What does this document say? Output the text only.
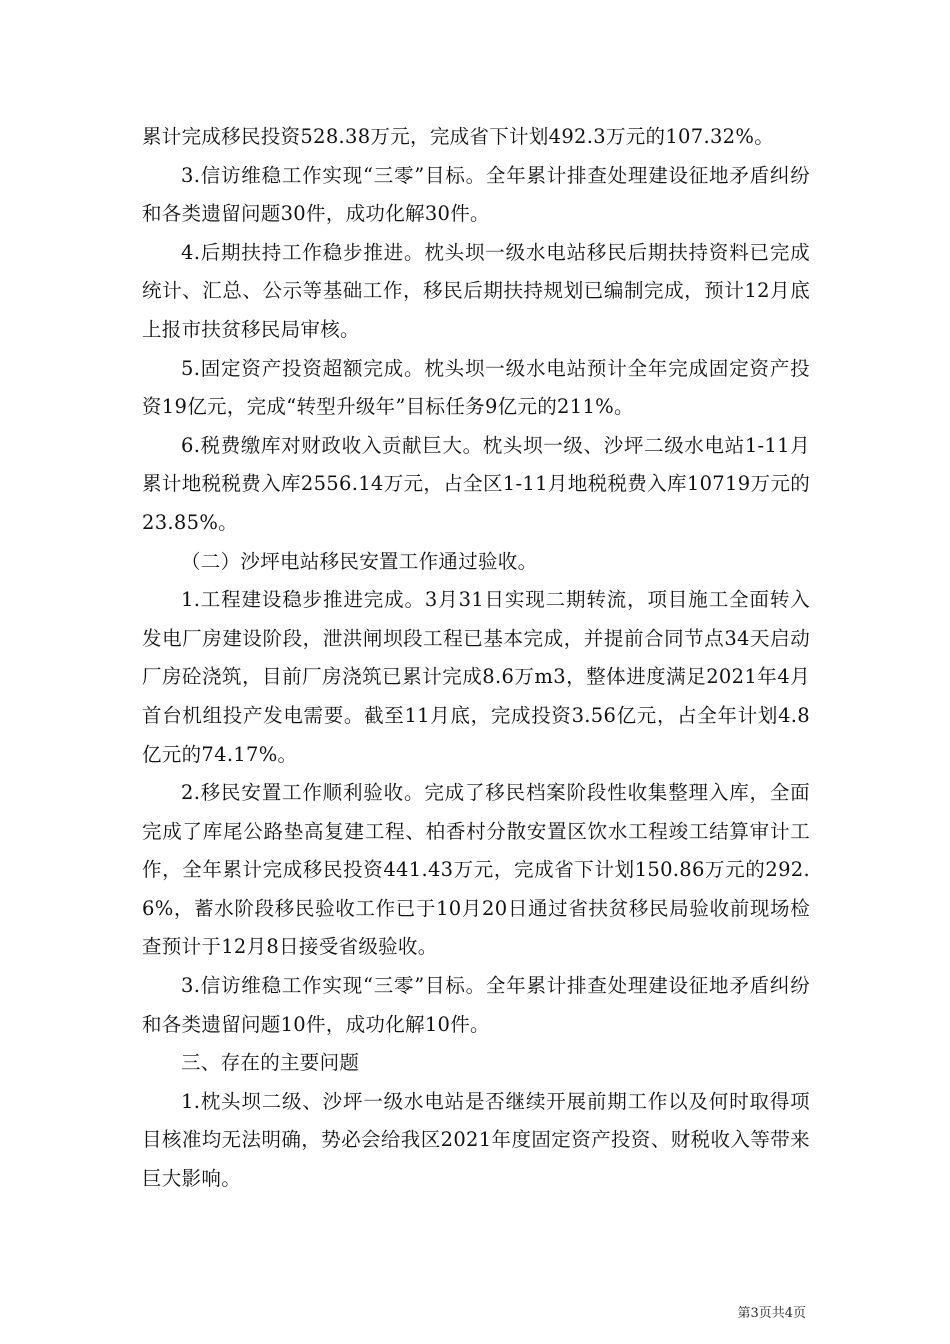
累计完成移民投资528.38万元，完成省下计划492.3万元的107.32%。

3.信访维稳工作实现“三零”目标。全年累计排查处理建设征地矛盾纠纷和各类遗留问题30件，成功化解30件。

4.后期扶持工作稳步推进。枕头坝一级水电站移民后期扶持资料已完成统计、汇总、公示等基础工作，移民后期扶持规划已编制完成，预计12月底上报市扶贫移民局审核。

5.固定资产投资超额完成。枕头坝一级水电站预计全年完成固定资产投资19亿元，完成“转型升级年”目标任务9亿元的211%。

6.税费缴库对财政收入贡献巨大。枕头坝一级、沙坪二级水电站1-11月累计地税税费入库2556.14万元，占全区1-11月地税税费入库10719万元的23.85%。

（二）沙坪电站移民安置工作通过验收。

1.工程建设稳步推进完成。3月31日实现二期转流，项目施工全面转入发电厂房建设阶段，泄洪闸坝段工程已基本完成，并提前合同节点34天启动厂房砼浇筑，目前厂房浇筑已累计完成8.6万m3，整体进度满足2021年4月首台机组投产发电需要。截至11月底，完成投资3.56亿元，占全年计划4.8亿元的74.17%。

2.移民安置工作顺利验收。完成了移民档案阶段性收集整理入库，全面完成了库尾公路垫高复建工程、柏香村分散安置区饮水工程竣工结算审计工作，全年累计完成移民投资441.43万元，完成省下计划150.86万元的292.6%，蓄水阶段移民验收工作已于10月20日通过省扶贫移民局验收前现场检查预计于12月8日接受省级验收。

3.信访维稳工作实现“三零”目标。全年累计排查处理建设征地矛盾纠纷和各类遗留问题10件，成功化解10件。

三、存在的主要问题

1.枕头坝二级、沙坪一级水电站是否继续开展前期工作以及何时取得项目核准均无法明确，势必会给我区2021年度固定资产投资、财税收入等带来巨大影响。

第3页共4页
